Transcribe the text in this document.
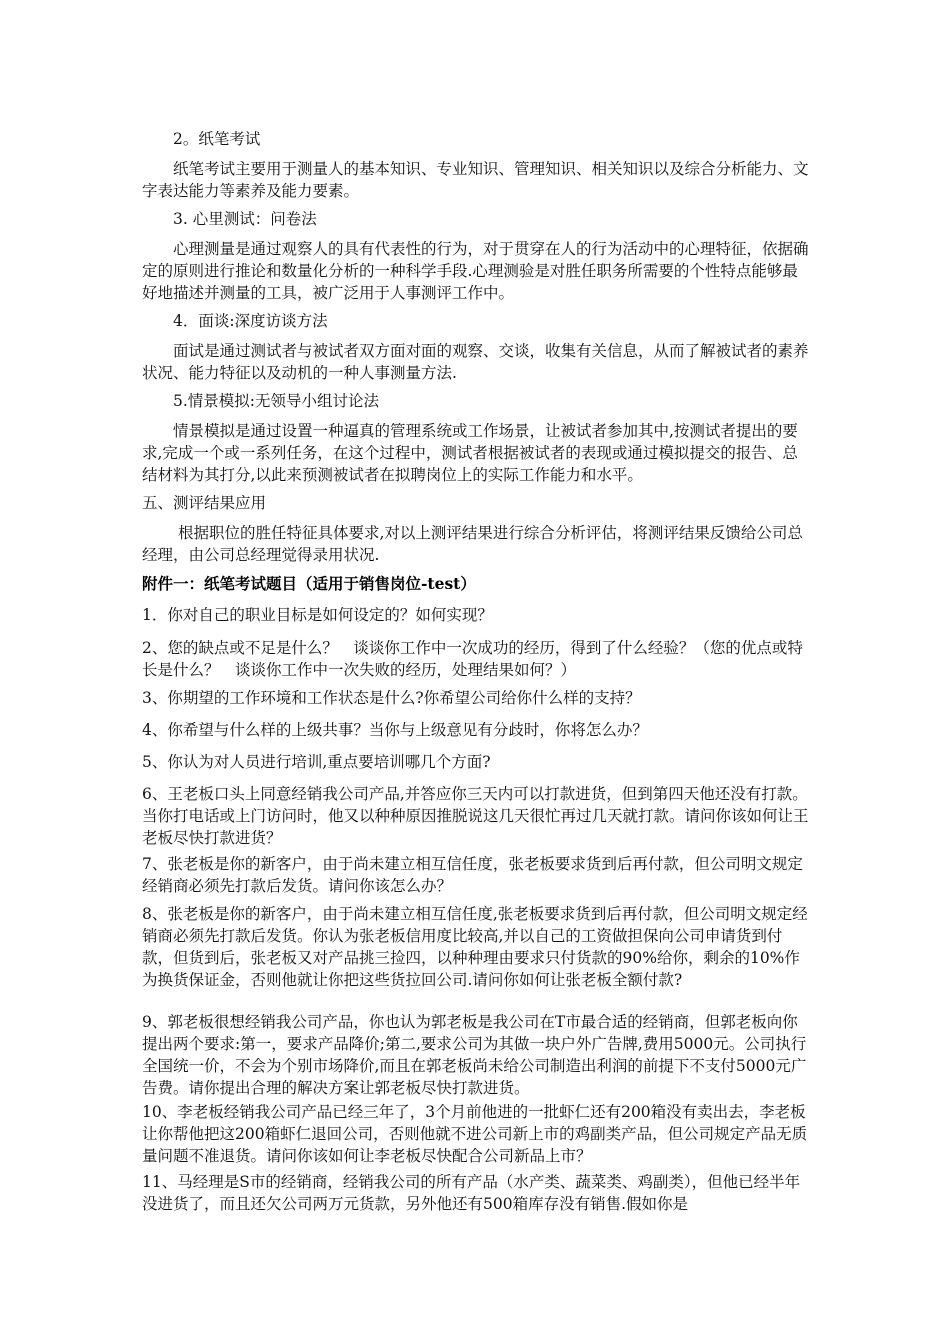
2。纸笔考试

纸笔考试主要用于测量人的基本知识、专业知识、管理知识、相关知识以及综合分析能力、文字表达能力等素养及能力要素。

3. 心里测试：问卷法

心理测量是通过观察人的具有代表性的行为，对于贯穿在人的行为活动中的心理特征，依据确定的原则进行推论和数量化分析的一种科学手段.心理测验是对胜任职务所需要的个性特点能够最好地描述并测量的工具，被广泛用于人事测评工作中。

4．面谈:深度访谈方法

面试是通过测试者与被试者双方面对面的观察、交谈，收集有关信息，从而了解被试者的素养状况、能力特征以及动机的一种人事测量方法.

5.情景模拟:无领导小组讨论法

情景模拟是通过设置一种逼真的管理系统或工作场景，让被试者参加其中,按测试者提出的要求,完成一个或一系列任务，在这个过程中，测试者根据被试者的表现或通过模拟提交的报告、总结材料为其打分,以此来预测被试者在拟聘岗位上的实际工作能力和水平。

五、测评结果应用

根据职位的胜任特征具体要求,对以上测评结果进行综合分析评估，将测评结果反馈给公司总经理，由公司总经理觉得录用状况.

附件一：纸笔考试题目（适用于销售岗位-test）

1．你对自己的职业目标是如何设定的？如何实现？

2、您的缺点或不足是什么？　谈谈你工作中一次成功的经历，得到了什么经验？（您的优点或特长是什么？　谈谈你工作中一次失败的经历，处理结果如何？）

3、你期望的工作环境和工作状态是什么?你希望公司给你什么样的支持？

4、你希望与什么样的上级共事？当你与上级意见有分歧时，你将怎么办？

5、你认为对人员进行培训,重点要培训哪几个方面?

6、王老板口头上同意经销我公司产品,并答应你三天内可以打款进货，但到第四天他还没有打款。当你打电话或上门访问时，他又以种种原因推脱说这几天很忙再过几天就打款。请问你该如何让王老板尽快打款进货？

7、张老板是你的新客户，由于尚未建立相互信任度，张老板要求货到后再付款，但公司明文规定经销商必须先打款后发货。请问你该怎么办？

8、张老板是你的新客户，由于尚未建立相互信任度,张老板要求货到后再付款，但公司明文规定经销商必须先打款后发货。你认为张老板信用度比较高,并以自己的工资做担保向公司申请货到付款，但货到后，张老板又对产品挑三捡四，以种种理由要求只付货款的90%给你，剩余的10%作为换货保证金，否则他就让你把这些货拉回公司.请问你如何让张老板全额付款?

9、郭老板很想经销我公司产品，你也认为郭老板是我公司在T市最合适的经销商，但郭老板向你提出两个要求:第一，要求产品降价;第二,要求公司为其做一块户外广告牌,费用5000元。公司执行全国统一价，不会为个别市场降价,而且在郭老板尚未给公司制造出利润的前提下不支付5000元广告费。请你提出合理的解决方案让郭老板尽快打款进货。

10、李老板经销我公司产品已经三年了，3个月前他进的一批虾仁还有200箱没有卖出去，李老板让你帮他把这200箱虾仁退回公司，否则他就不进公司新上市的鸡副类产品，但公司规定产品无质量问题不准退货。请问你该如何让李老板尽快配合公司新品上市？

11、马经理是S市的经销商，经销我公司的所有产品（水产类、蔬菜类、鸡副类），但他已经半年没进货了，而且还欠公司两万元货款，另外他还有500箱库存没有销售.假如你是
